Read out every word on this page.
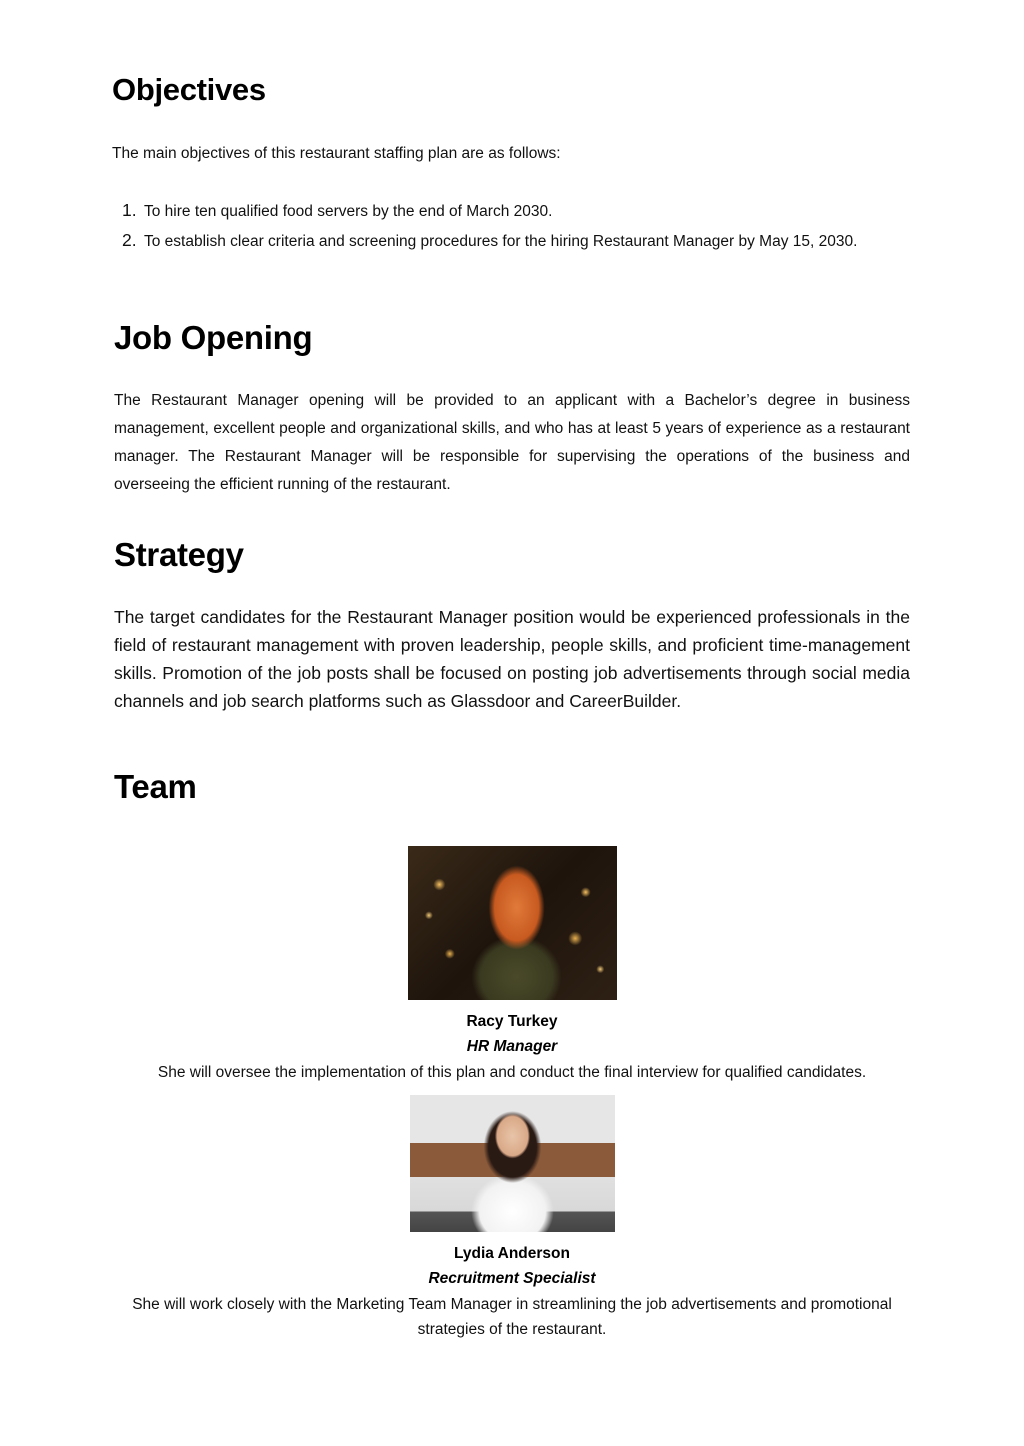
Objectives

The main objectives of this restaurant staffing plan are as follows:

1. To hire ten qualified food servers by the end of March 2030.
2. To establish clear criteria and screening procedures for the hiring Restaurant Manager by May 15, 2030.
Job Opening

The Restaurant Manager opening will be provided to an applicant with a Bachelor’s degree in business management, excellent people and organizational skills, and who has at least 5 years of experience as a restaurant manager. The Restaurant Manager will be responsible for supervising the operations of the business and overseeing the efficient running of the restaurant.

Strategy

The target candidates for the Restaurant Manager position would be experienced professionals in the field of restaurant management with proven leadership, people skills, and proficient time-management skills. Promotion of the job posts shall be focused on posting job advertisements through social media channels and job search platforms such as Glassdoor and CareerBuilder.

Team
Racy Turkey
HR Manager
She will oversee the implementation of this plan and conduct the final interview for qualified candidates.
Lydia Anderson
Recruitment Specialist
She will work closely with the Marketing Team Manager in streamlining the job advertisements and promotional strategies of the restaurant.
